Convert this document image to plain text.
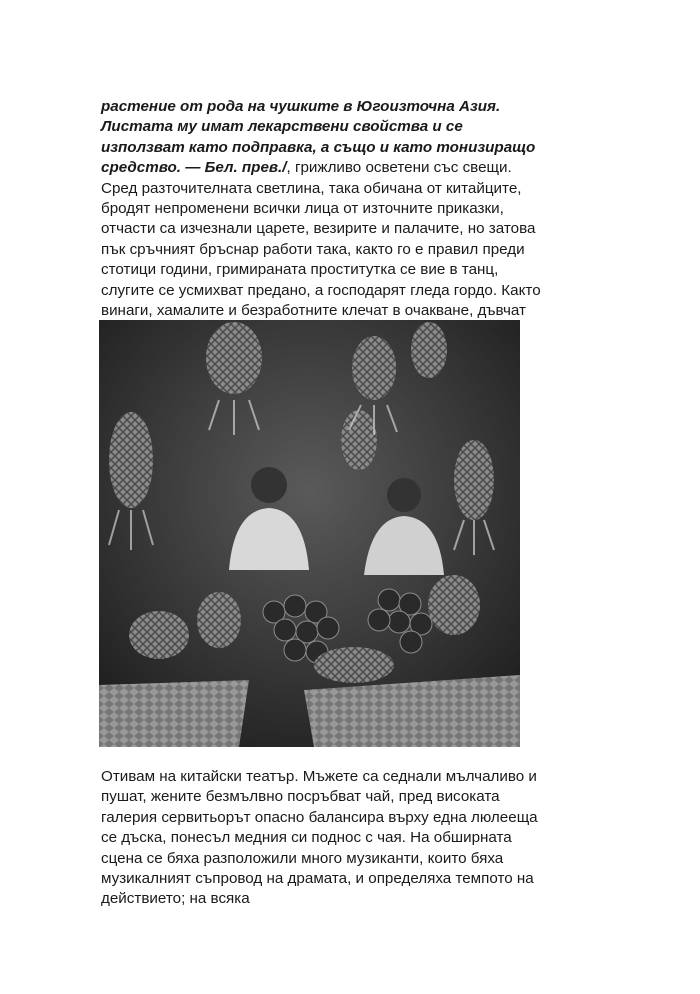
растение от рода на чушките в Югоизточна Азия. Листата му имат лекарствени свойства и се използват като подправка, а също и като тонизиращо средство. — Бел. прев./, грижливо осветени със свещи. Сред разточителната светлина, така обичана от китайците, бродят непроменени всички лица от източните приказки, отчасти са изчезнали царете, везирите и палачите, но затова пък сръчният бръснар работи така, както го е правил преди стотици години, гримираната проститутка се вие в танц, слугите се усмихват предано, а господарят гледа гордо. Както винаги, хамалите и безработните клечат в очакване, дъвчат

Отивам на китайски театър. Мъжете са седнали мълчаливо и пушат, жените безмълвно посръбват чай, пред високата галерия сервитьорът опасно балансира върху една люлееща се дъска, понесъл медния си поднос с чая. На обширната сцена се бяха разположили много музиканти, които бяха музикалният съпровод на драмата, и определяха темпото на действието; на всяка
